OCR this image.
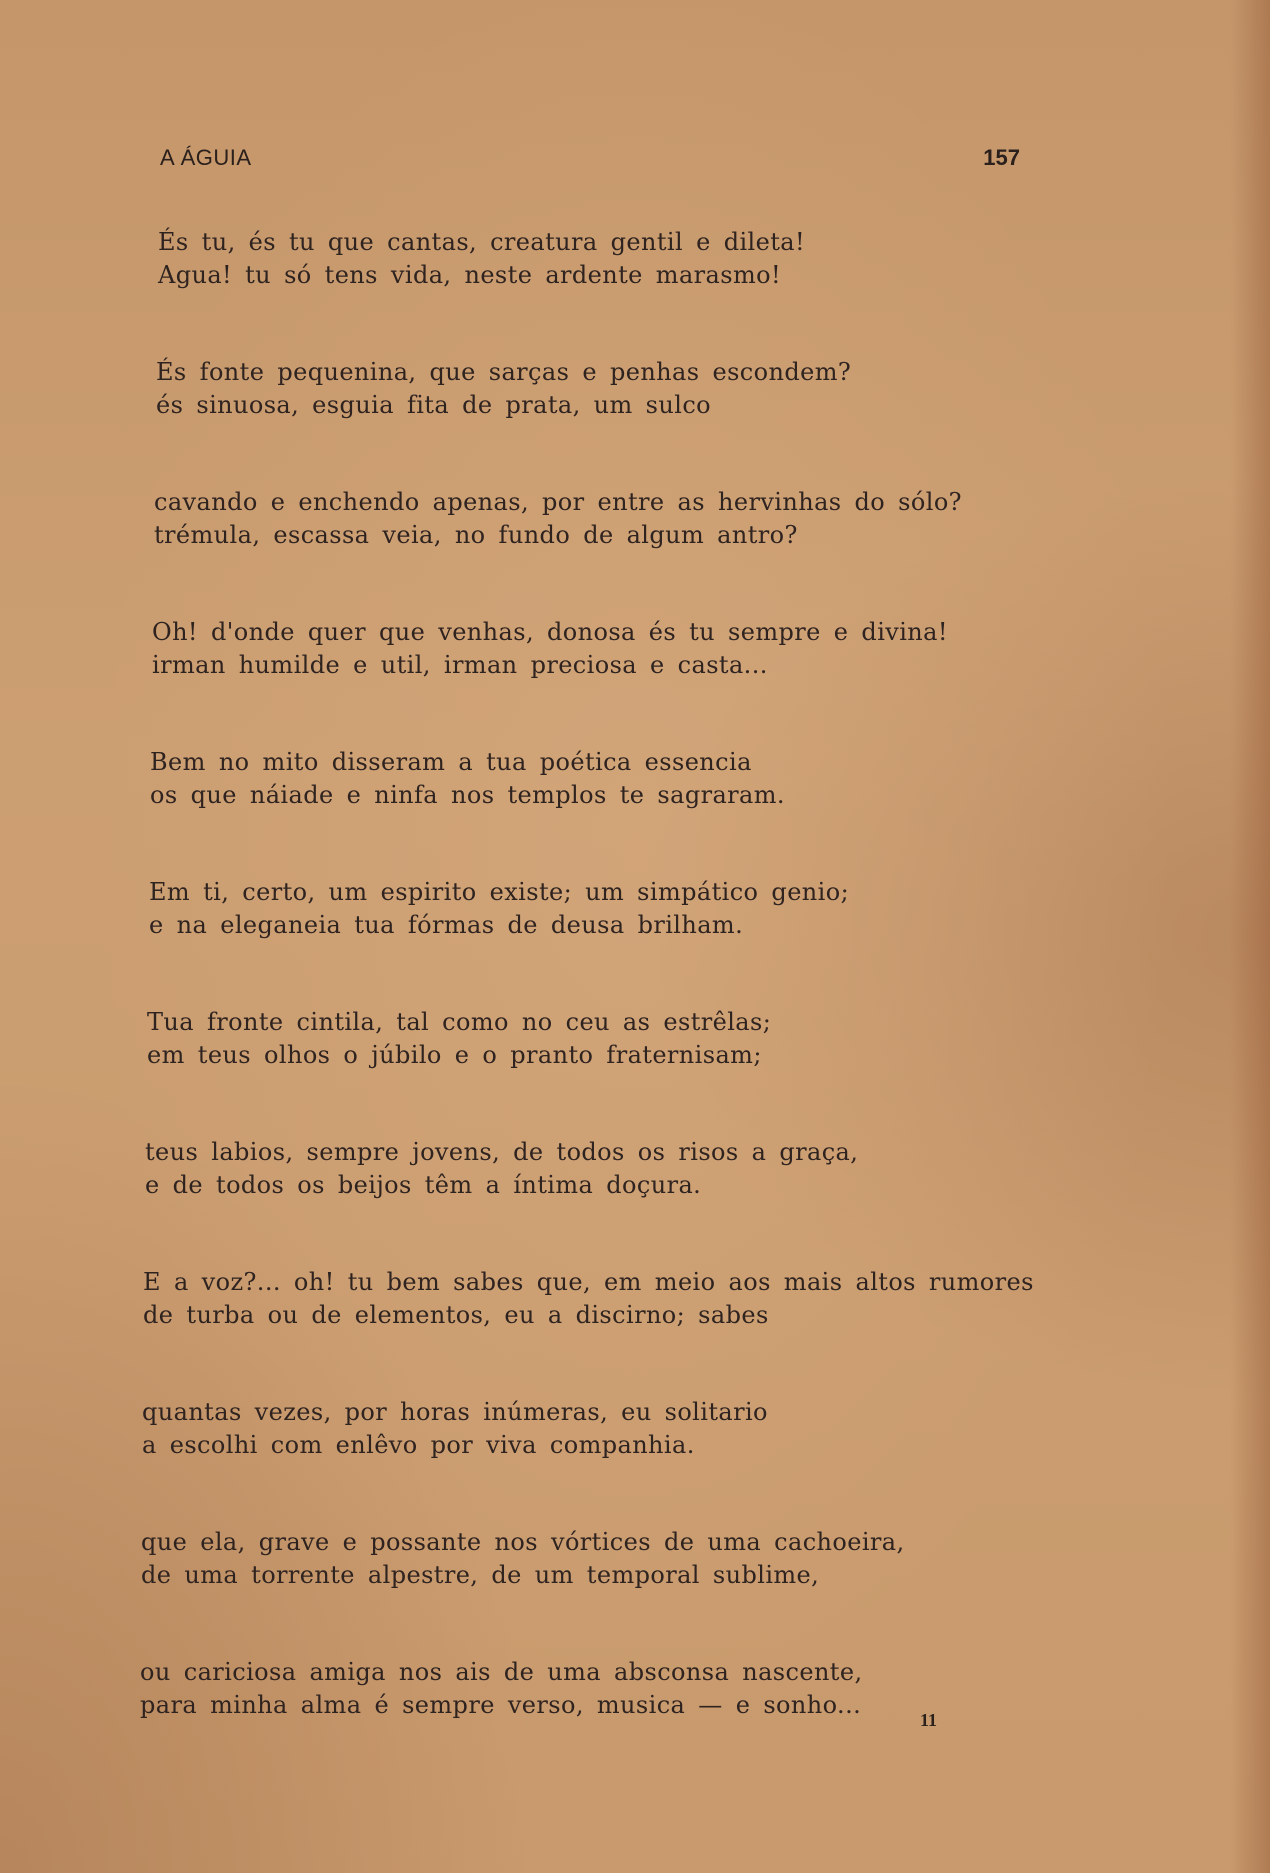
A ÁGUIA	157
És tu, és tu que cantas, creatura gentil e dileta!
Agua! tu só tens vida, neste ardente marasmo!
És fonte pequenina, que sarças e penhas escondem?
és sinuosa, esguia fita de prata, um sulco
cavando e enchendo apenas, por entre as hervinhas do sólo?
trémula, escassa veia, no fundo de algum antro?
Oh! d'onde quer que venhas, donosa és tu sempre e divina!
irman humilde e util, irman preciosa e casta...
Bem no mito disseram a tua poética essencia
os que náiade e ninfa nos templos te sagraram.
Em ti, certo, um espirito existe; um simpático genio;
e na eleganeia tua fórmas de deusa brilham.
Tua fronte cintila, tal como no ceu as estrêlas;
em teus olhos o júbilo e o pranto fraternisam;
teus labios, sempre jovens, de todos os risos a graça,
e de todos os beijos têm a íntima doçura.
E a voz?... oh! tu bem sabes que, em meio aos mais altos rumores
de turba ou de elementos, eu a discirno; sabes
quantas vezes, por horas inúmeras, eu solitario
a escolhi com enlêvo por viva companhia.
que ela, grave e possante nos vórtices de uma cachoeira,
de uma torrente alpestre, de um temporal sublime,
ou cariciosa amiga nos ais de uma absconsa nascente,
para minha alma é sempre verso, musica — e sonho...
11
